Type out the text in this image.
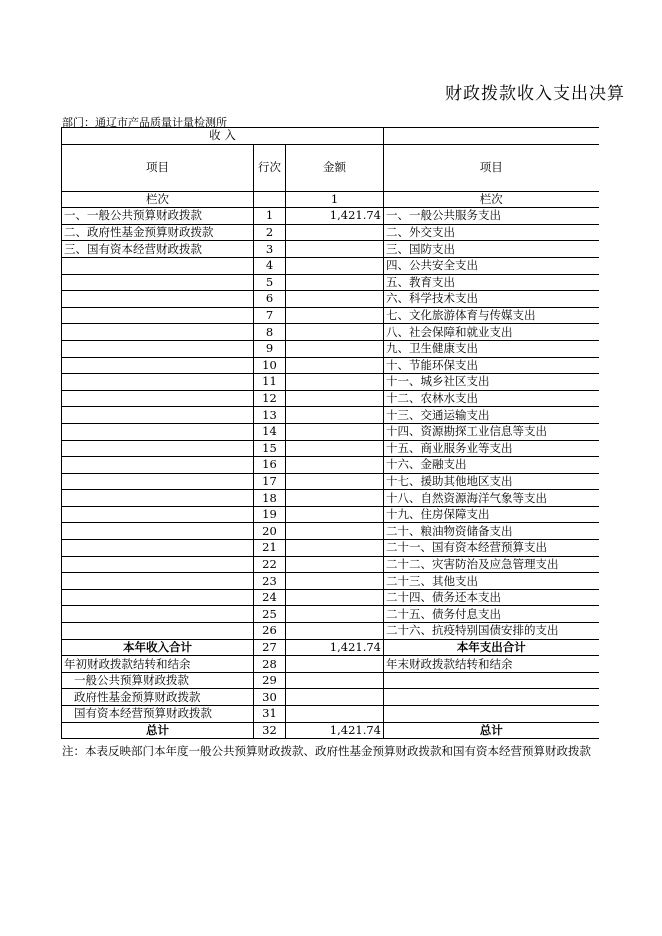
财政拨款收入支出决算
部门：通辽市产品质量计量检测所
收 入			
项目	行次	金额	项目
栏次		1	栏次
一、一般公共预算财政拨款	1	1,421.74	一、一般公共服务支出
二、政府性基金预算财政拨款	2		二、外交支出
三、国有资本经营财政拨款	3		三、国防支出
	4		四、公共安全支出
	5		五、教育支出
	6		六、科学技术支出
	7		七、文化旅游体育与传媒支出
	8		八、社会保障和就业支出
	9		九、卫生健康支出
	10		十、节能环保支出
	11		十一、城乡社区支出
	12		十二、农林水支出
	13		十三、交通运输支出
	14		十四、资源勘探工业信息等支出
	15		十五、商业服务业等支出
	16		十六、金融支出
	17		十七、援助其他地区支出
	18		十八、自然资源海洋气象等支出
	19		十九、住房保障支出
	20		二十、粮油物资储备支出
	21		二十一、国有资本经营预算支出
	22		二十二、灾害防治及应急管理支出
	23		二十三、其他支出
	24		二十四、债务还本支出
	25		二十五、债务付息支出
	26		二十六、抗疫特别国债安排的支出
本年收入合计	27	1,421.74	本年支出合计
年初财政拨款结转和结余	28		年末财政拨款结转和结余
一般公共预算财政拨款	29		
政府性基金预算财政拨款	30		
国有资本经营预算财政拨款	31		
总计	32	1,421.74	总计
注：本表反映部门本年度一般公共预算财政拨款、政府性基金预算财政拨款和国有资本经营预算财政拨款
